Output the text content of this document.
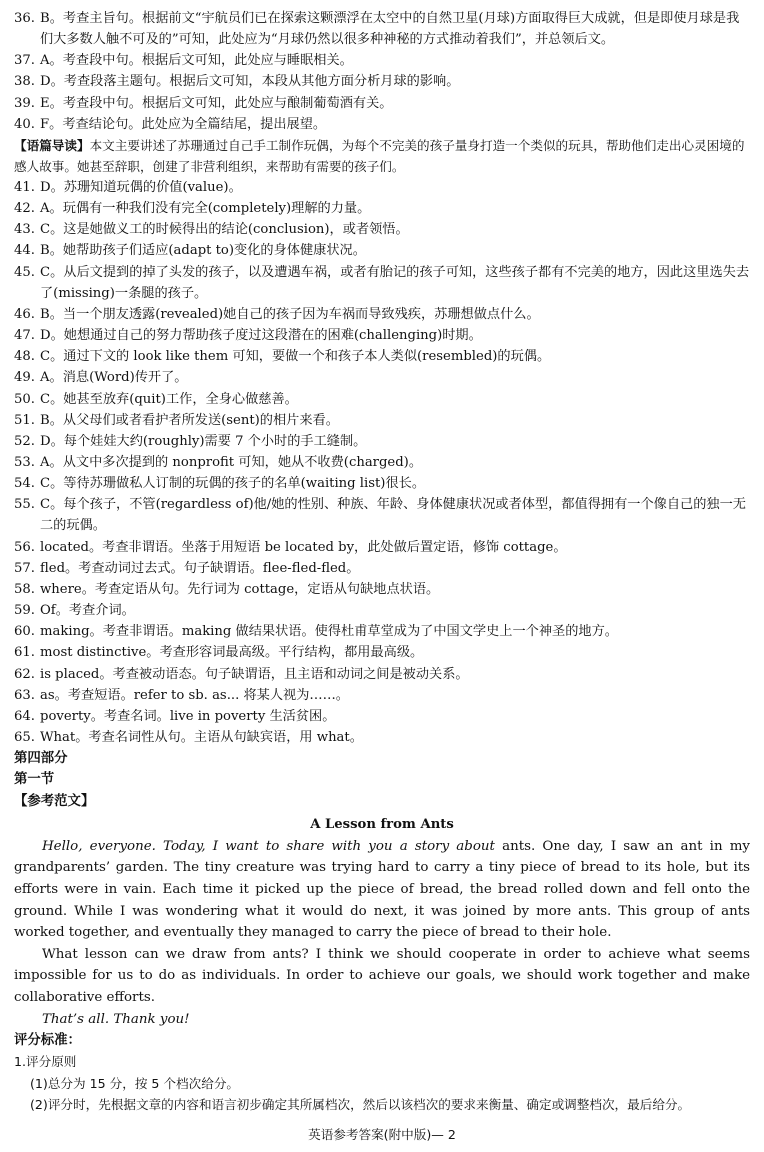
36. B。考查主旨句。根据前文“宇航员们已在探索这颗漂浮在太空中的自然卫星(月球)方面取得巨大成就，但是即使月球是我们大多数人触不可及的”可知，此处应为“月球仍然以很多种神秘的方式推动着我们”，并总领后文。
37. A。考查段中句。根据后文可知，此处应与睡眠相关。
38. D。考查段落主题句。根据后文可知，本段从其他方面分析月球的影响。
39. E。考查段中句。根据后文可知，此处应与酿制葡萄酒有关。
40. F。考查结论句。此处应为全篇结尾，提出展望。
【语篇导读】本文主要讲述了苏珊通过自己手工制作玩偶，为每个不完美的孩子量身打造一个类似的玩具，帮助他们走出心灵困境的感人故事。她甚至辞职，创建了非营利组织，来帮助有需要的孩子们。
41. D。苏珊知道玩偶的价值(value)。
42. A。玩偶有一种我们没有完全(completely)理解的力量。
43. C。这是她做义工的时候得出的结论(conclusion)，或者领悟。
44. B。她帮助孩子们适应(adapt to)变化的身体健康状况。
45. C。从后文提到的掉了头发的孩子，以及遭遇车祸，或者有胎记的孩子可知，这些孩子都有不完美的地方，因此这里选失去了(missing)一条腿的孩子。
46. B。当一个朋友透露(revealed)她自己的孩子因为车祸而导致残疾，苏珊想做点什么。
47. D。她想通过自己的努力帮助孩子度过这段潜在的困难(challenging)时期。
48. C。通过下文的 look like them 可知，要做一个和孩子本人类似(resembled)的玩偶。
49. A。消息(Word)传开了。
50. C。她甚至放弃(quit)工作，全身心做慈善。
51. B。从父母们或者看护者所发送(sent)的相片来看。
52. D。每个娃娃大约(roughly)需要 7 个小时的手工缝制。
53. A。从文中多次提到的 nonprofit 可知，她从不收费(charged)。
54. C。等待苏珊做私人订制的玩偶的孩子的名单(waiting list)很长。
55. C。每个孩子，不管(regardless of)他/她的性别、种族、年龄、身体健康状况或者体型，都值得拥有一个像自己的独一无二的玩偶。
56. located。考查非谓语。坐落于用短语 be located by，此处做后置定语，修饰 cottage。
57. fled。考查动词过去式。句子缺谓语。flee-fled-fled。
58. where。考查定语从句。先行词为 cottage，定语从句缺地点状语。
59. Of。考查介词。
60. making。考查非谓语。making 做结果状语。使得杜甫草堂成为了中国文学史上一个神圣的地方。
61. most distinctive。考查形容词最高级。平行结构，都用最高级。
62. is placed。考查被动语态。句子缺谓语，且主语和动词之间是被动关系。
63. as。考查短语。refer to sb. as... 将某人视为……。
64. poverty。考查名词。live in poverty 生活贫困。
65. What。考查名词性从句。主语从句缺宾语，用 what。
第四部分
第一节
【参考范文】
A Lesson from Ants

Hello, everyone. Today, I want to share with you a story about ants. One day, I saw an ant in my grandparents’ garden. The tiny creature was trying hard to carry a tiny piece of bread to its hole, but its efforts were in vain. Each time it picked up the piece of bread, the bread rolled down and fell onto the ground. While I was wondering what it would do next, it was joined by more ants. This group of ants worked together, and eventually they managed to carry the piece of bread to their hole.

What lesson can we draw from ants? I think we should cooperate in order to achieve what seems impossible for us to do as individuals. In order to achieve our goals, we should work together and make collaborative efforts.

That’s all. Thank you!

评分标准：
1.评分原则
(1)总分为 15 分，按 5 个档次给分。
(2)评分时，先根据文章的内容和语言初步确定其所属档次，然后以该档次的要求来衡量、确定或调整档次，最后给分。
英语参考答案(附中版)— 2
